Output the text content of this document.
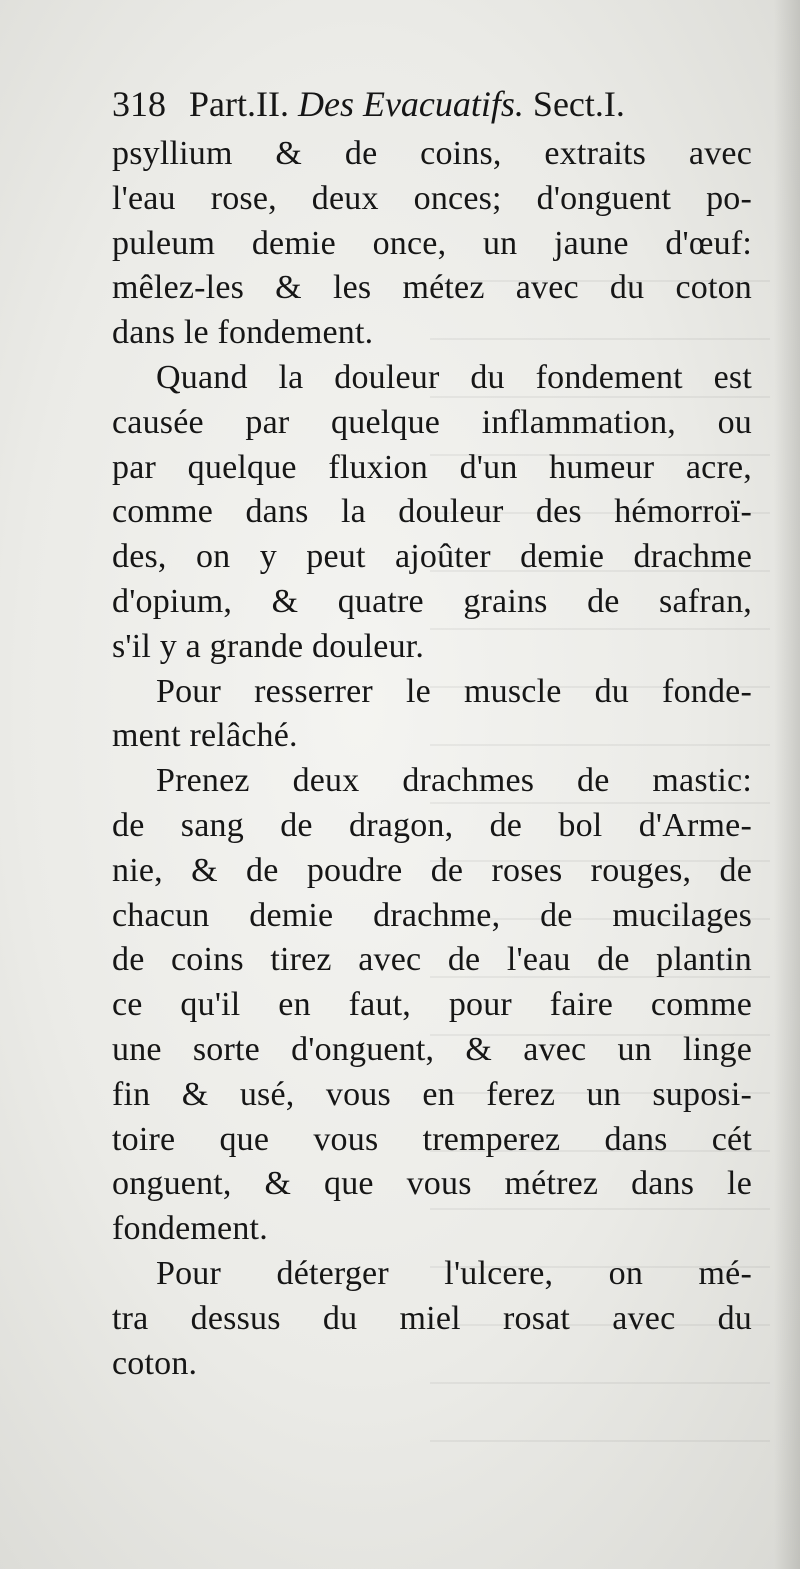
318 Part.II. Des Evacuatifs. Sect.I.
psyllium & de coins, extraits avec
l'eau rose, deux onces; d'onguent po-
puleum demie once, un jaune d'œuf:
mêlez-les & les métez avec du coton
dans le fondement.
Quand la douleur du fondement est
causée par quelque inflammation, ou
par quelque fluxion d'un humeur acre,
comme dans la douleur des hémorroï-
des, on y peut ajoûter demie drachme
d'opium, & quatre grains de safran,
s'il y a grande douleur.
Pour resserrer le muscle du fonde-
ment relâché.
Prenez deux drachmes de mastic:
de sang de dragon, de bol d'Arme-
nie, & de poudre de roses rouges, de
chacun demie drachme, de mucilages
de coins tirez avec de l'eau de plantin
ce qu'il en faut, pour faire comme
une sorte d'onguent, & avec un linge
fin & usé, vous en ferez un suposi-
toire que vous tremperez dans cét
onguent, & que vous métrez dans le
fondement.
Pour déterger l'ulcere, on mé-
tra dessus du miel rosat avec du
coton.
